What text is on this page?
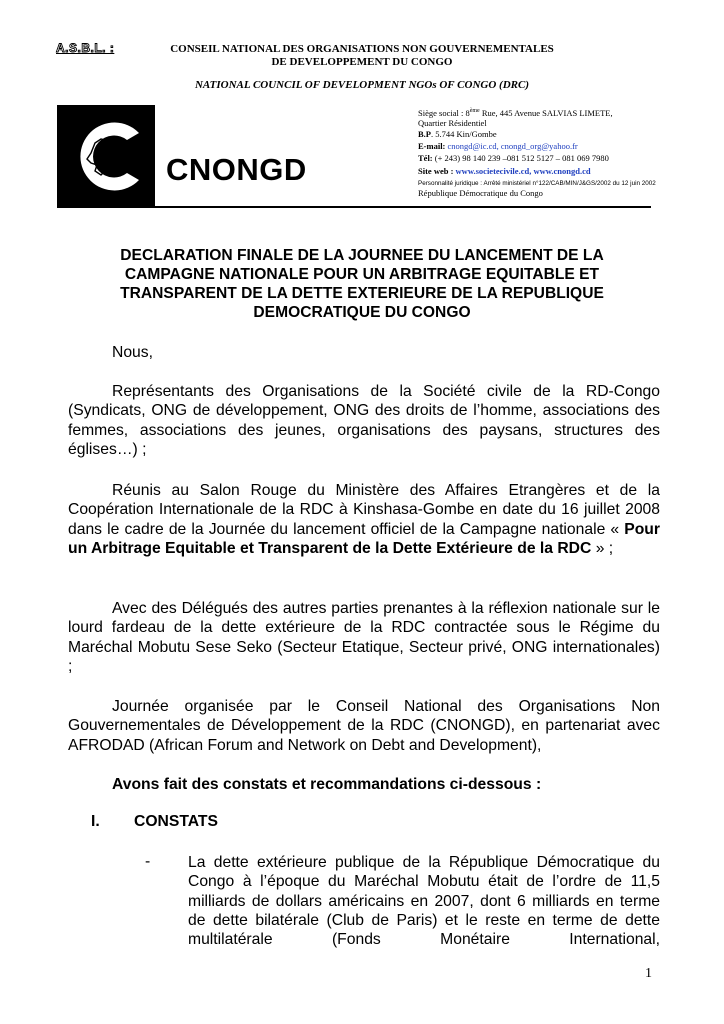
A.S.B.L. :	CONSEIL NATIONAL DES ORGANISATIONS NON GOUVERNEMENTALES
DE DEVELOPPEMENT DU CONGO
NATIONAL COUNCIL OF DEVELOPMENT NGOs OF CONGO (DRC)
CNONGD
Siège social : 8ème Rue, 445 Avenue SALVIAS LIMETE,
Quartier Résidentiel
B.P. 5.744 Kin/Gombe
E-mail: cnongd@ic.cd, cnongd_org@yahoo.fr
Tél: (+ 243) 98 140 239 –081 512 5127 – 081 069 7980
Site web : www.societecivile.cd, www.cnongd.cd
Personnalité juridique : Arrêté ministériel n°122/CAB/MIN/J&GS/2002 du 12 juin 2002
République Démocratique du Congo
DECLARATION FINALE DE LA JOURNEE DU LANCEMENT DE LA CAMPAGNE NATIONALE POUR UN ARBITRAGE EQUITABLE ET TRANSPARENT DE LA DETTE EXTERIEURE DE LA REPUBLIQUE DEMOCRATIQUE DU CONGO
Nous,
Représentants des Organisations de la Société civile de la RD-Congo (Syndicats, ONG de développement, ONG des droits de l’homme, associations des femmes, associations des jeunes, organisations des paysans, structures des églises…) ;
Réunis au Salon Rouge du Ministère des Affaires Etrangères et de la Coopération Internationale de la RDC à Kinshasa-Gombe en date du 16 juillet 2008 dans le cadre de la Journée du lancement officiel de la Campagne nationale « Pour un Arbitrage Equitable et Transparent de la Dette Extérieure de la RDC » ;
Avec des Délégués des autres parties prenantes à la réflexion nationale sur le lourd fardeau de la dette extérieure de la RDC contractée sous le Régime du Maréchal Mobutu Sese Seko (Secteur Etatique, Secteur privé, ONG internationales) ;
Journée organisée par le Conseil National des Organisations Non Gouvernementales de Développement de la RDC (CNONGD), en partenariat avec AFRODAD (African Forum and Network on Debt and Development),
Avons fait des constats et recommandations ci-dessous :
I. CONSTATS
- La dette extérieure publique de la République Démocratique du Congo à l’époque du Maréchal Mobutu était de l’ordre de 11,5 milliards de dollars américains en 2007, dont 6 milliards en terme de dette bilatérale (Club de Paris) et le reste en terme de dette multilatérale (Fonds Monétaire International,
1
